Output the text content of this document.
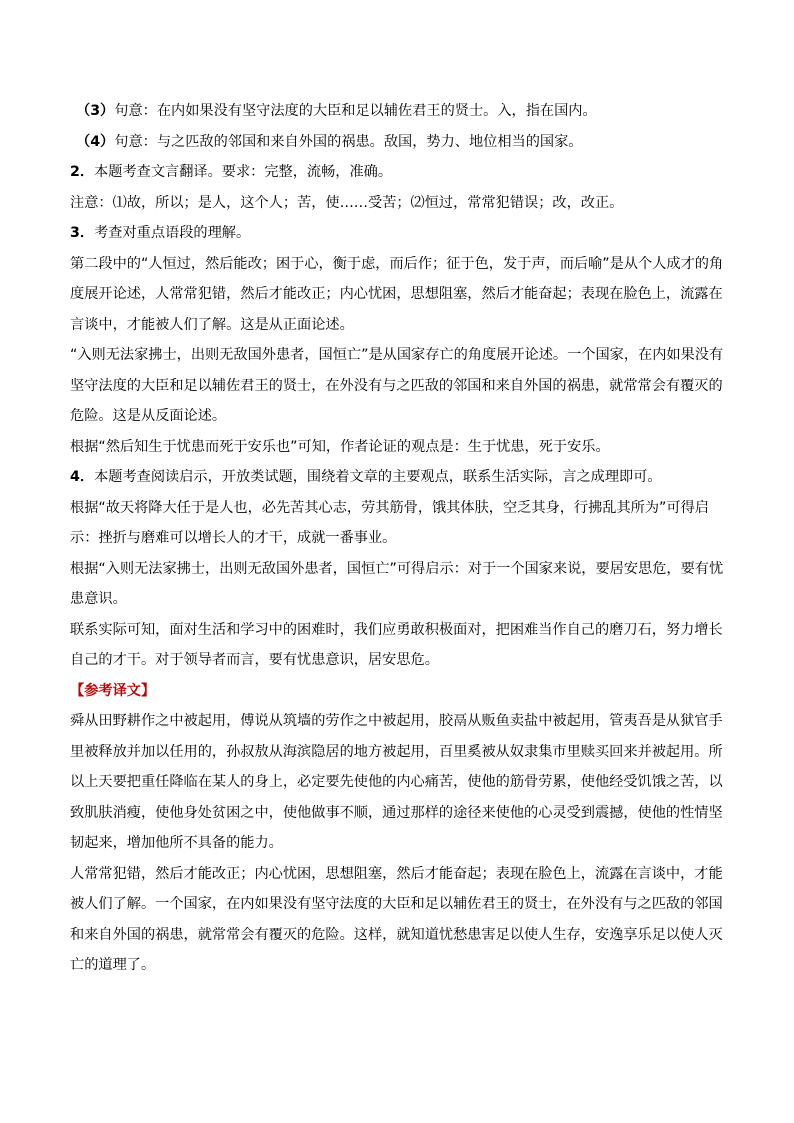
（3）句意：在内如果没有坚守法度的大臣和足以辅佐君王的贤士。入，指在国内。

（4）句意：与之匹敌的邻国和来自外国的祸患。敌国，势力、地位相当的国家。

2．本题考查文言翻译。要求：完整，流畅，准确。

注意：⑴故，所以；是人，这个人；苦，使……受苦；⑵恒过，常常犯错误；改，改正。

3．考查对重点语段的理解。

第二段中的“人恒过，然后能改；困于心，衡于虑，而后作；征于色，发于声，而后喻”是从个人成才的角度展开论述，人常常犯错，然后才能改正；内心忧困，思想阻塞，然后才能奋起；表现在脸色上，流露在言谈中，才能被人们了解。这是从正面论述。

“入则无法家拂士，出则无敌国外患者，国恒亡”是从国家存亡的角度展开论述。一个国家，在内如果没有坚守法度的大臣和足以辅佐君王的贤士，在外没有与之匹敌的邻国和来自外国的祸患，就常常会有覆灭的危险。这是从反面论述。

根据“然后知生于忧患而死于安乐也”可知，作者论证的观点是：生于忧患，死于安乐。

4．本题考查阅读启示，开放类试题，围绕着文章的主要观点，联系生活实际，言之成理即可。

根据“故天将降大任于是人也，必先苦其心志，劳其筋骨，饿其体肤，空乏其身，行拂乱其所为”可得启示：挫折与磨难可以增长人的才干，成就一番事业。

根据“入则无法家拂士，出则无敌国外患者，国恒亡”可得启示：对于一个国家来说，要居安思危，要有忧患意识。

联系实际可知，面对生活和学习中的困难时，我们应勇敢积极面对，把困难当作自己的磨刀石，努力增长自己的才干。对于领导者而言，要有忧患意识，居安思危。

【参考译文】

舜从田野耕作之中被起用，傅说从筑墙的劳作之中被起用，胶鬲从贩鱼卖盐中被起用，管夷吾是从狱官手里被释放并加以任用的，孙叔敖从海滨隐居的地方被起用，百里奚被从奴隶集市里赎买回来并被起用。所以上天要把重任降临在某人的身上，必定要先使他的内心痛苦，使他的筋骨劳累，使他经受饥饿之苦，以致肌肤消瘦，使他身处贫困之中，使他做事不顺，通过那样的途径来使他的心灵受到震撼，使他的性情坚韧起来，增加他所不具备的能力。

人常常犯错，然后才能改正；内心忧困，思想阻塞，然后才能奋起；表现在脸色上，流露在言谈中，才能被人们了解。一个国家，在内如果没有坚守法度的大臣和足以辅佐君王的贤士，在外没有与之匹敌的邻国和来自外国的祸患，就常常会有覆灭的危险。这样，就知道忧愁患害足以使人生存，安逸享乐足以使人灭亡的道理了。
